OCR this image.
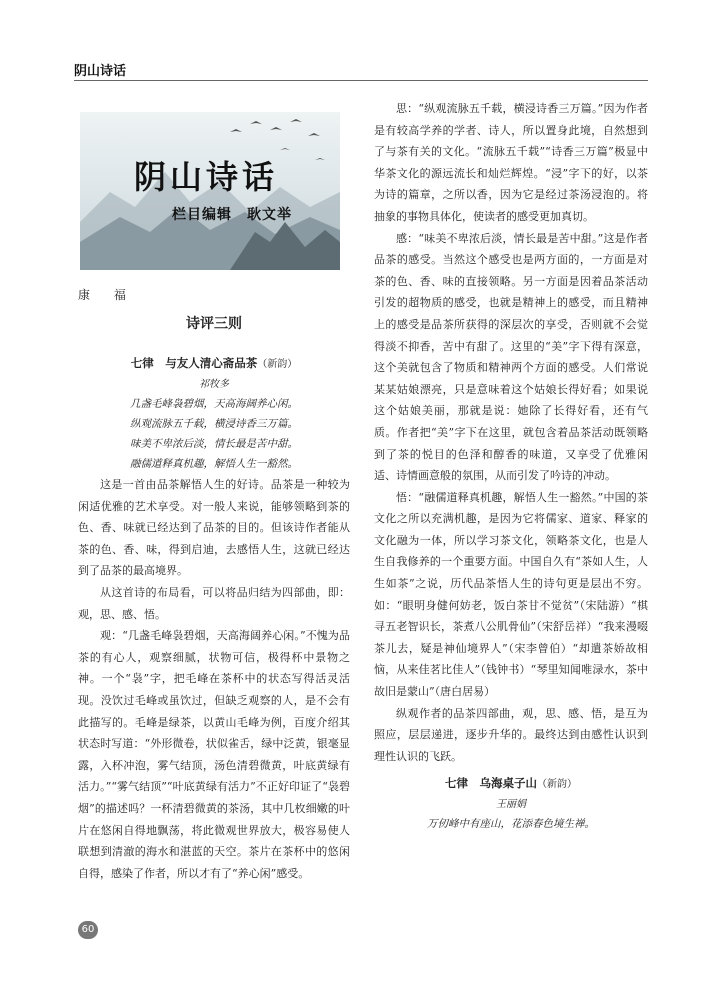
阴山诗话
阴山诗话
栏目编辑　耿文举
康 福
诗评三则
七律　与友人清心斋品茶（新韵）
祁牧多
几盏毛峰袅碧烟，天高海阔养心闲。
纵观流脉五千载，横浸诗香三万篇。
味美不卑浓后淡，情长最是苦中甜。
融儒道释真机趣，解悟人生一豁然。

这是一首由品茶解悟人生的好诗。品茶是一种较为闲适优雅的艺术享受。对一般人来说，能够领略到茶的色、香、味就已经达到了品茶的目的。但该诗作者能从茶的色、香、味，得到启迪，去感悟人生，这就已经达到了品茶的最高境界。

从这首诗的布局看，可以将品归结为四部曲，即：观，思、感、悟。

观：“几盏毛峰袅碧烟，天高海阔养心闲。”不愧为品茶的有心人，观察细腻，状物可信，极得杯中景物之神。一个“袅”字，把毛峰在茶杯中的状态写得活灵活现。没饮过毛峰或虽饮过，但缺乏观察的人，是不会有此描写的。毛峰是绿茶，以黄山毛峰为例，百度介绍其状态时写道：“外形微卷，状似雀舌，绿中泛黄，银毫显露，入杯冲泡，雾气结顶，汤色清碧微黄，叶底黄绿有活力。”“雾气结顶”“叶底黄绿有活力”不正好印证了“袅碧烟”的描述吗？一杯清碧微黄的茶汤，其中几枚细嫩的叶片在悠闲自得地飘荡，将此微观世界放大，极容易使人联想到清澈的海水和湛蓝的天空。茶片在茶杯中的悠闲自得，感染了作者，所以才有了“养心闲”感受。

思：“纵观流脉五千载，横浸诗香三万篇。”因为作者是有较高学养的学者、诗人，所以置身此境，自然想到了与茶有关的文化。“流脉五千载”“诗香三万篇”极显中华茶文化的源远流长和灿烂辉煌。“浸”字下的好，以茶为诗的篇章，之所以香，因为它是经过茶汤浸泡的。将抽象的事物具体化，使读者的感受更加真切。

感：“味美不卑浓后淡，情长最是苦中甜。”这是作者品茶的感受。当然这个感受也是两方面的，一方面是对茶的色、香、味的直接领略。另一方面是因着品茶活动引发的超物质的感受，也就是精神上的感受，而且精神上的感受是品茶所获得的深层次的享受，否则就不会觉得淡不抑香，苦中有甜了。这里的“美”字下得有深意，这个美就包含了物质和精神两个方面的感受。人们常说某某姑娘漂亮，只是意味着这个姑娘长得好看；如果说这个姑娘美丽，那就是说：她除了长得好看，还有气质。作者把“美”字下在这里，就包含着品茶活动既领略到了茶的悦目的色泽和醇香的味道，又享受了优雅闲适、诗情画意般的氛围，从而引发了吟诗的冲动。

悟：“融儒道释真机趣，解悟人生一豁然。”中国的茶文化之所以充满机趣，是因为它将儒家、道家、释家的文化融为一体，所以学习茶文化，领略茶文化，也是人生自我修养的一个重要方面。中国自久有“茶如人生，人生如茶”之说，历代品茶悟人生的诗句更是层出不穷。如：“眼明身健何妨老，饭白茶甘不觉贫”（宋陆游）“棋寻五老智识长，茶煮八公肌骨仙”（宋舒岳祥）“我来漫啜茶儿去，疑是神仙境界人”（宋李曾伯）“却遣茶娇故相恼，从来佳茗比佳人”（钱钟书）“琴里知闻唯渌水，茶中故旧是蒙山”（唐白居易）

纵观作者的品茶四部曲，观，思、感、悟，是互为照应，层层递进，逐步升华的。最终达到由感性认识到理性认识的飞跃。

七律　乌海桌子山（新韵）
王丽娟
万仞峰中有座山，花添春色境生禅。
60
